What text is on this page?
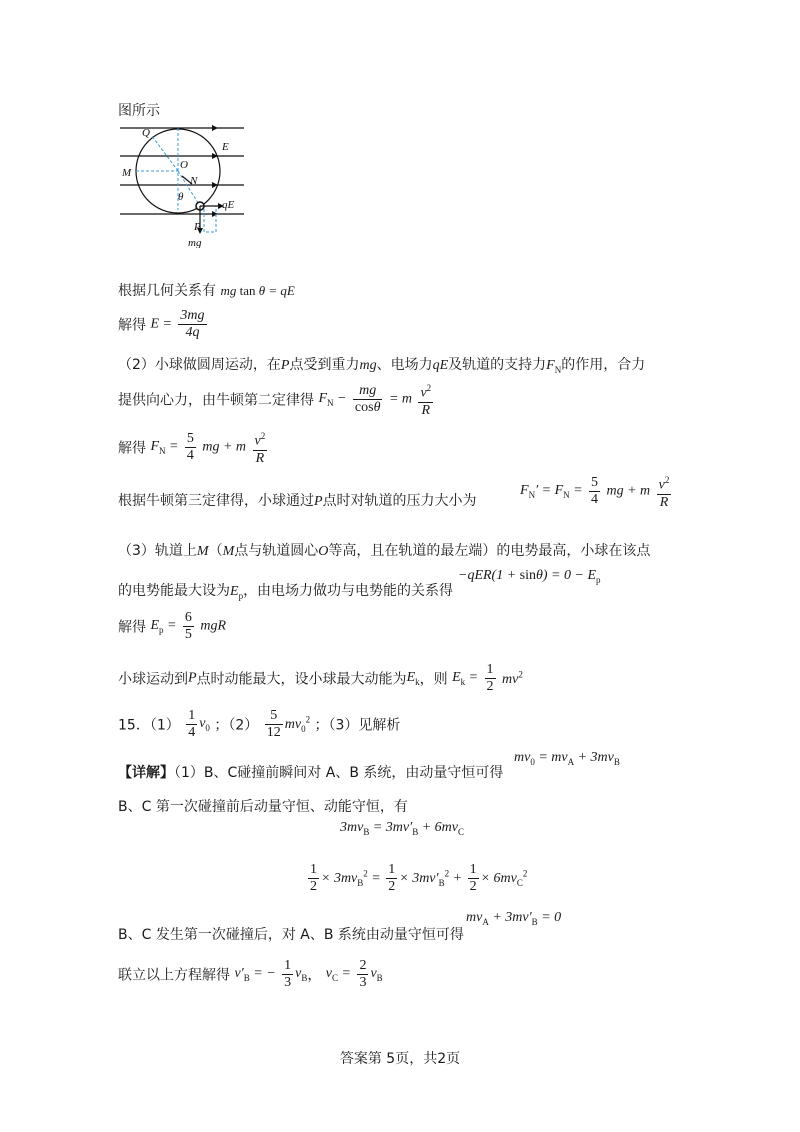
图所示
Q
E
M
O
N
θ
qE
P
mg
根据几何关系有 mg tan θ = qE
解得 $E = \frac{3mg}{4q}$
（2）小球做圆周运动，在P点受到重力mg、电场力qE及轨道的支持力$F_N$的作用，合力
提供向心力，由牛顿第二定律得 $F_N - \frac{mg}{\cos\theta} = m \frac{v^2}{R}$
解得 $F_N = \frac{5}{4}$ mg + m $\frac{v^2}{R}$
根据牛顿第三定律得，小球通过P点时对轨道的压力大小为
$F_N' = F_N = \frac{5}{4}$ mg + m $\frac{v^2}{R}$
（3）轨道上M（M点与轨道圆心O等高，且在轨道的最左端）的电势最高，小球在该点
的电势能最大设为$E_p$，由电场力做功与电势能的关系得
$-qER(1 + \sin\theta) = 0 - E_p$
解得 $E_p = \frac{6}{5}$ mgR
小球运动到P点时动能最大，设小球最大动能为$E_k$，则 $E_k = \frac{1}{2} mv^2$
15．$(1) \frac{1}{4} v_0$ ；$(2) \frac{5}{12} mv_0^2$ ；（3）见解析
【详解】（1）B、C碰撞前瞬间对 A、B 系统，由动量守恒可得
$mv_0 = mv_A + 3mv_B$
B、C 第一次碰撞前后动量守恒、动能守恒，有
$3mv_B = 3mv'_B + 6mv_C$
$\frac{1}{2} \times 3mv_B^2 = \frac{1}{2} \times 3mv'_B^2 + \frac{1}{2} \times 6mv_C^2$
B、C 发生第一次碰撞后，对 A、B 系统由动量守恒可得
$mv_A + 3mv'_B = 0$
联立以上方程解得 $v'_B$ = − $\frac{1}{3} v_B$， $v_C = \frac{2}{3} v_B$
答案第 5页，共2页
